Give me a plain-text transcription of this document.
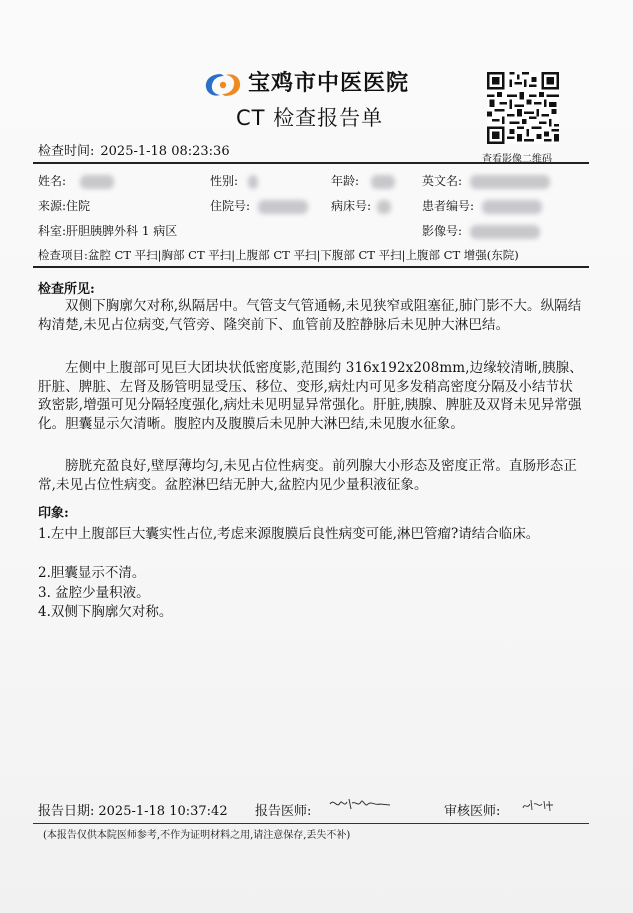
宝鸡市中医医院
CT 检查报告单
查看影像二维码
检查时间: 2025-1-18 08:23:36
姓名:	性别:	年龄:	英文名:
来源:住院	住院号:	病床号:	患者编号:
科室:肝胆胰脾外科 1 病区	影像号:
检查项目:盆腔 CT 平扫|胸部 CT 平扫|上腹部 CT 平扫|下腹部 CT 平扫|上腹部 CT 增强(东院)
检查所见:
双侧下胸廓欠对称,纵隔居中。气管支气管通畅,未见狭窄或阻塞征,肺门影不大。纵隔结构清楚,未见占位病变,气管旁、隆突前下、血管前及腔静脉后未见肿大淋巴结。
左侧中上腹部可见巨大团块状低密度影,范围约 316x192x208mm,边缘较清晰,胰腺、肝脏、脾脏、左肾及肠管明显受压、移位、变形,病灶内可见多发稍高密度分隔及小结节状致密影,增强可见分隔轻度强化,病灶未见明显异常强化。肝脏,胰腺、脾脏及双肾未见异常强化。胆囊显示欠清晰。腹腔内及腹膜后未见肿大淋巴结,未见腹水征象。
膀胱充盈良好,壁厚薄均匀,未见占位性病变。前列腺大小形态及密度正常。直肠形态正常,未见占位性病变。盆腔淋巴结无肿大,盆腔内见少量积液征象。
印象:
1.左中上腹部巨大囊实性占位,考虑来源腹膜后良性病变可能,淋巴管瘤?请结合临床。
2.胆囊显示不清。
3. 盆腔少量积液。
4.双侧下胸廓欠对称。
报告日期: 2025-1-18 10:37:42 报告医师:	审核医师:
(本报告仅供本院医师参考,不作为证明材料之用,请注意保存,丢失不补)
